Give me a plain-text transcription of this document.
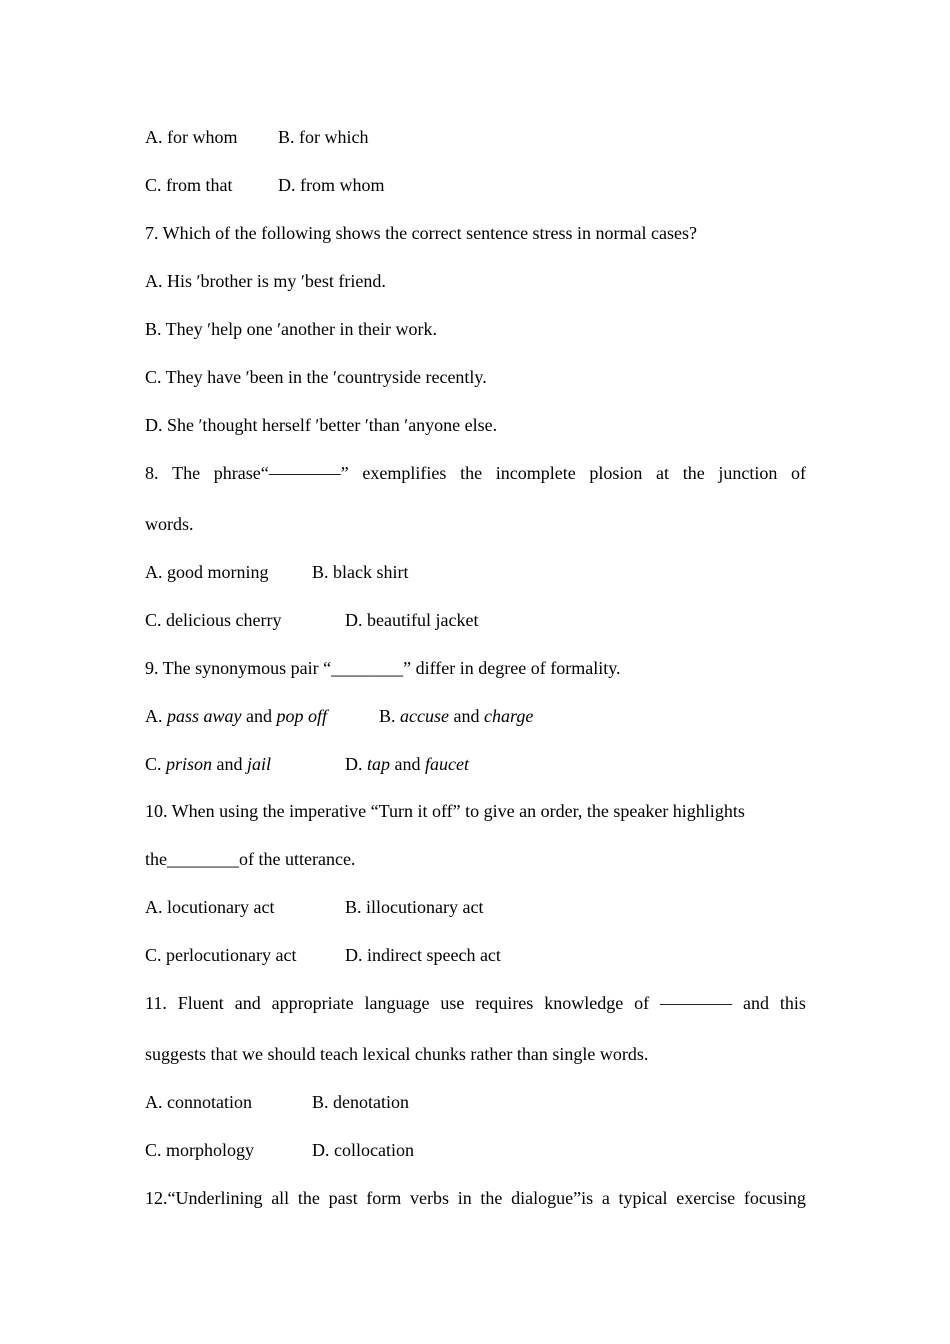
A. for whom B. for which
C. from that	D. from whom
7. Which of the following shows the correct sentence stress in normal cases?
A. His ʹbrother is my ʹbest friend.
B. They ʹhelp one ʹanother in their work.
C. They have ʹbeen in the ʹcountryside recently.
D. She ʹthought herself ʹbetter ʹthan ʹanyone else.
8. The phrase“————” exemplifies the incomplete plosion at the junction of
words.
A. good morning B. black shirt
C. delicious cherry	D. beautiful jacket
9. The synonymous pair “________” differ in degree of formality.
A. pass away and pop off	B. accuse and charge
C. prison and jail	D. tap and faucet
10. When using the imperative “Turn it off” to give an order, the speaker highlights
the________of the utterance.
A. locutionary act	B. illocutionary act
C. perlocutionary act	D. indirect speech act
11. Fluent and appropriate language use requires knowledge of ———— and this
suggests that we should teach lexical chunks rather than single words.
A. connotation	B. denotation
C. morphology	D. collocation
12.“Underlining all the past form verbs in the dialogue”is a typical exercise focusing
